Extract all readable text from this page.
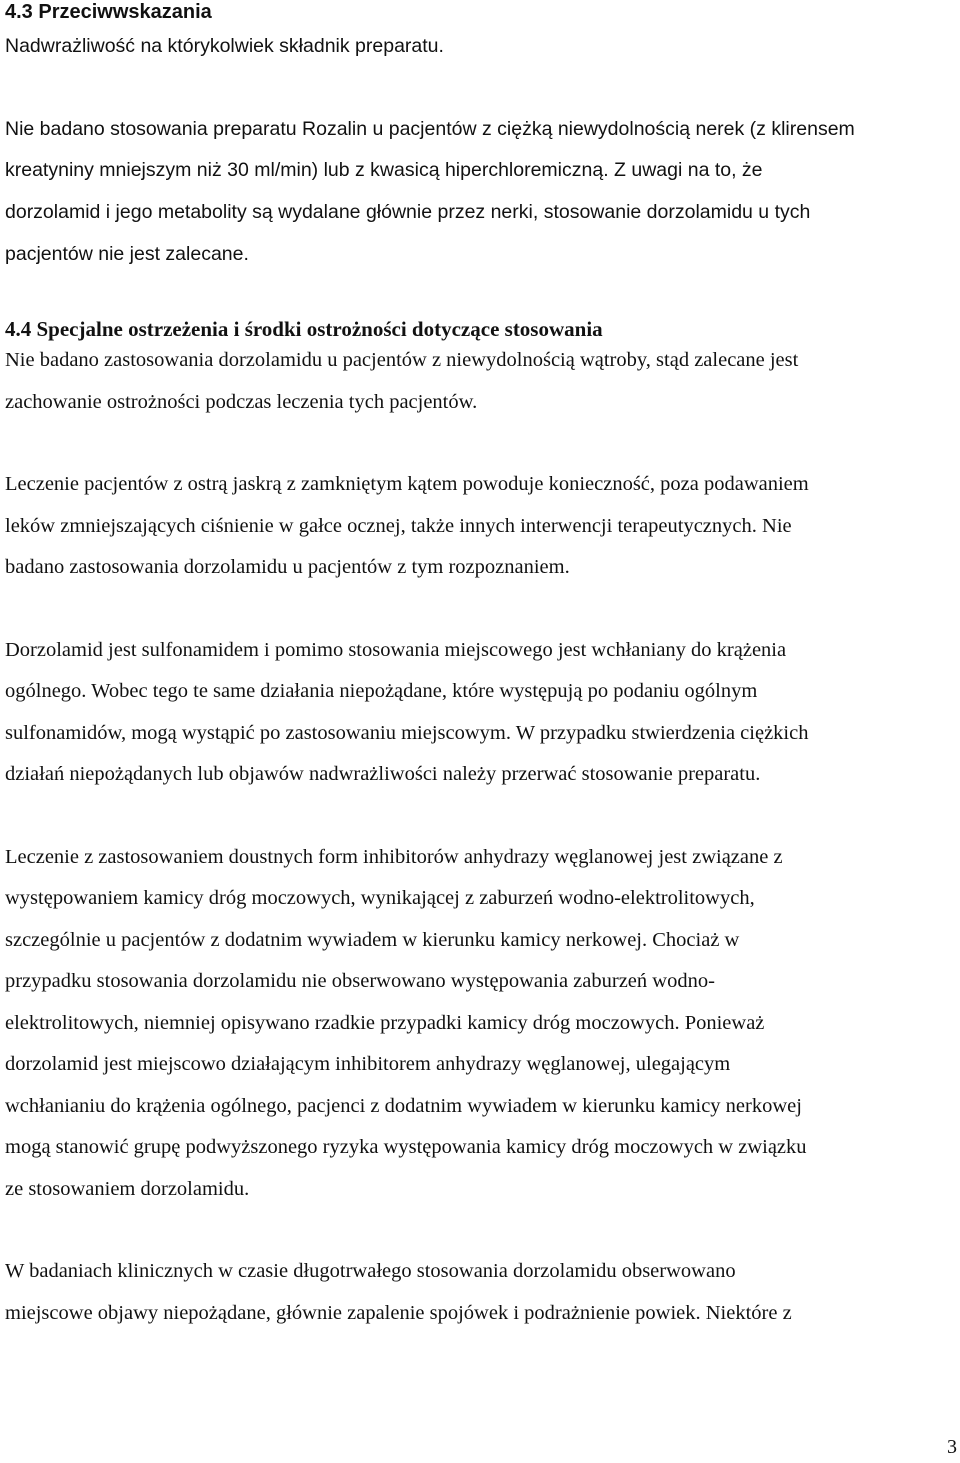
4.3 Przeciwwskazania

Nadwrażliwość na którykolwiek składnik preparatu.

Nie badano stosowania preparatu Rozalin u pacjentów z ciężką niewydolnością nerek (z klirensem

kreatyniny mniejszym niż 30 ml/min) lub z kwasicą hiperchloremiczną. Z uwagi na to, że

dorzolamid i jego metabolity są wydalane głównie przez nerki, stosowanie dorzolamidu u tych

pacjentów nie jest zalecane.

4.4 Specjalne ostrzeżenia i środki ostrożności dotyczące stosowania

Nie badano zastosowania dorzolamidu u pacjentów z niewydolnością wątroby, stąd zalecane jest

zachowanie ostrożności podczas leczenia tych pacjentów.

Leczenie pacjentów z ostrą jaskrą z zamkniętym kątem powoduje konieczność, poza podawaniem

leków zmniejszających ciśnienie w gałce ocznej, także innych interwencji terapeutycznych. Nie

badano zastosowania dorzolamidu u pacjentów z tym rozpoznaniem.

Dorzolamid jest sulfonamidem i pomimo stosowania miejscowego jest wchłaniany do krążenia

ogólnego. Wobec tego te same działania niepożądane, które występują po podaniu ogólnym

sulfonamidów, mogą wystąpić po zastosowaniu miejscowym. W przypadku stwierdzenia ciężkich

działań niepożądanych lub objawów nadwrażliwości należy przerwać stosowanie preparatu.

Leczenie z zastosowaniem doustnych form inhibitorów anhydrazy węglanowej jest związane z

występowaniem kamicy dróg moczowych, wynikającej z zaburzeń wodno-elektrolitowych,

szczególnie u pacjentów z dodatnim wywiadem w kierunku kamicy nerkowej. Chociaż w

przypadku stosowania dorzolamidu nie obserwowano występowania zaburzeń wodno-

elektrolitowych, niemniej opisywano rzadkie przypadki kamicy dróg moczowych. Ponieważ

dorzolamid jest miejscowo działającym inhibitorem anhydrazy węglanowej, ulegającym

wchłanianiu do krążenia ogólnego, pacjenci z dodatnim wywiadem w kierunku kamicy nerkowej

mogą stanowić grupę podwyższonego ryzyka występowania kamicy dróg moczowych w związku

ze stosowaniem dorzolamidu.

W badaniach klinicznych w czasie długotrwałego stosowania dorzolamidu obserwowano

miejscowe objawy niepożądane, głównie zapalenie spojówek i podrażnienie powiek. Niektóre z

3
